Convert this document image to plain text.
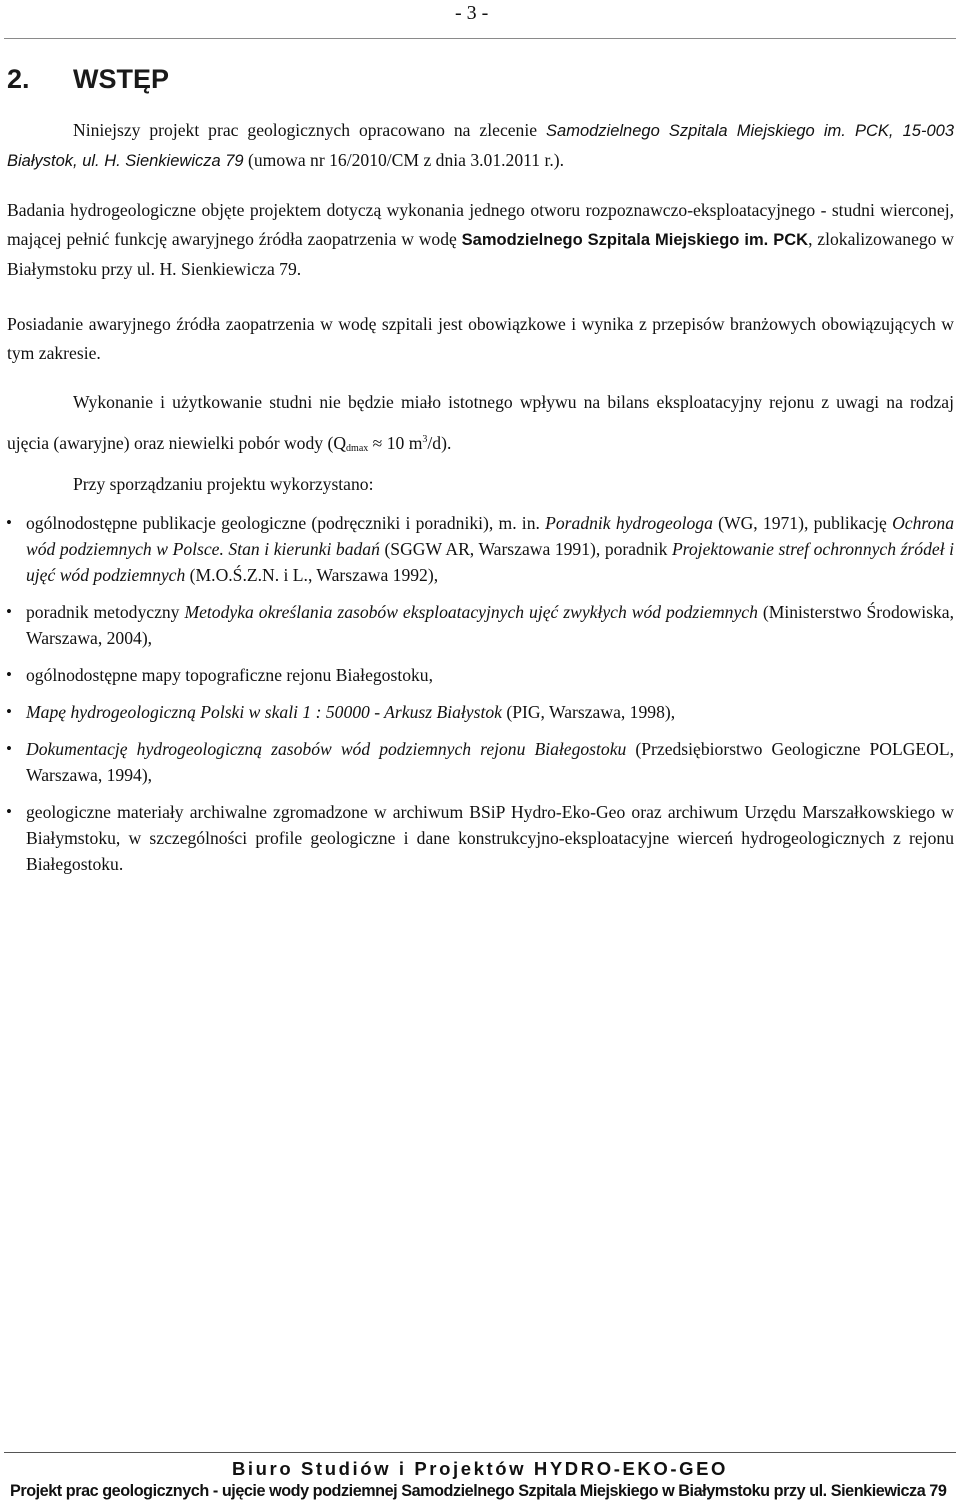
- 3 -
2. WSTĘP
Niniejszy projekt prac geologicznych opracowano na zlecenie Samodzielnego Szpitala Miejskiego im. PCK, 15-003 Białystok, ul. H. Sienkiewicza 79 (umowa nr 16/2010/CM z dnia 3.01.2011 r.).
Badania hydrogeologiczne objęte projektem dotyczą wykonania jednego otworu rozpoznawczo-eksploatacyjnego - studni wierconej, mającej pełnić funkcję awaryjnego źródła zaopatrzenia w wodę Samodzielnego Szpitala Miejskiego im. PCK, zlokalizowanego w Białymstoku przy ul. H. Sienkiewicza 79.
Posiadanie awaryjnego źródła zaopatrzenia w wodę szpitali jest obowiązkowe i wynika z przepisów branżowych obowiązujących w tym zakresie.
Wykonanie i użytkowanie studni nie będzie miało istotnego wpływu na bilans eksploatacyjny rejonu z uwagi na rodzaj ujęcia (awaryjne) oraz niewielki pobór wody ($Q_{dmax} \approx 10$ $m^3/d$).
Przy sporządzaniu projektu wykorzystano:
• ogólnodostępne publikacje geologiczne (podręczniki i poradniki), m. in. Poradnik hydrogeologa (WG, 1971), publikację Ochrona wód podziemnych w Polsce. Stan i kierunki badań (SGGW AR, Warszawa 1991), poradnik Projektowanie stref ochronnych źródeł i ujęć wód podziemnych (M.O.Ś.Z.N. i L., Warszawa 1992),
• poradnik metodyczny Metodyka określania zasobów eksploatacyjnych ujęć zwykłych wód podziemnych (Ministerstwo Środowiska, Warszawa, 2004),
• ogólnodostępne mapy topograficzne rejonu Białegostoku,
• Mapę hydrogeologiczną Polski w skali 1 : 50000 - Arkusz Białystok (PIG, Warszawa, 1998),
• Dokumentację hydrogeologiczną zasobów wód podziemnych rejonu Białegostoku (Przedsiębiorstwo Geologiczne POLGEOL, Warszawa, 1994),
• geologiczne materiały archiwalne zgromadzone w archiwum BSiP Hydro-Eko-Geo oraz archiwum Urzędu Marszałkowskiego w Białymstoku, w szczególności profile geologiczne i dane konstrukcyjno-eksploatacyjne wierceń hydrogeologicznych z rejonu Białegostoku.
Biuro Studiów i Projektów HYDRO-EKO-GEO
Projekt prac geologicznych - ujęcie wody podziemnej Samodzielnego Szpitala Miejskiego w Białymstoku przy ul. Sienkiewicza 79
